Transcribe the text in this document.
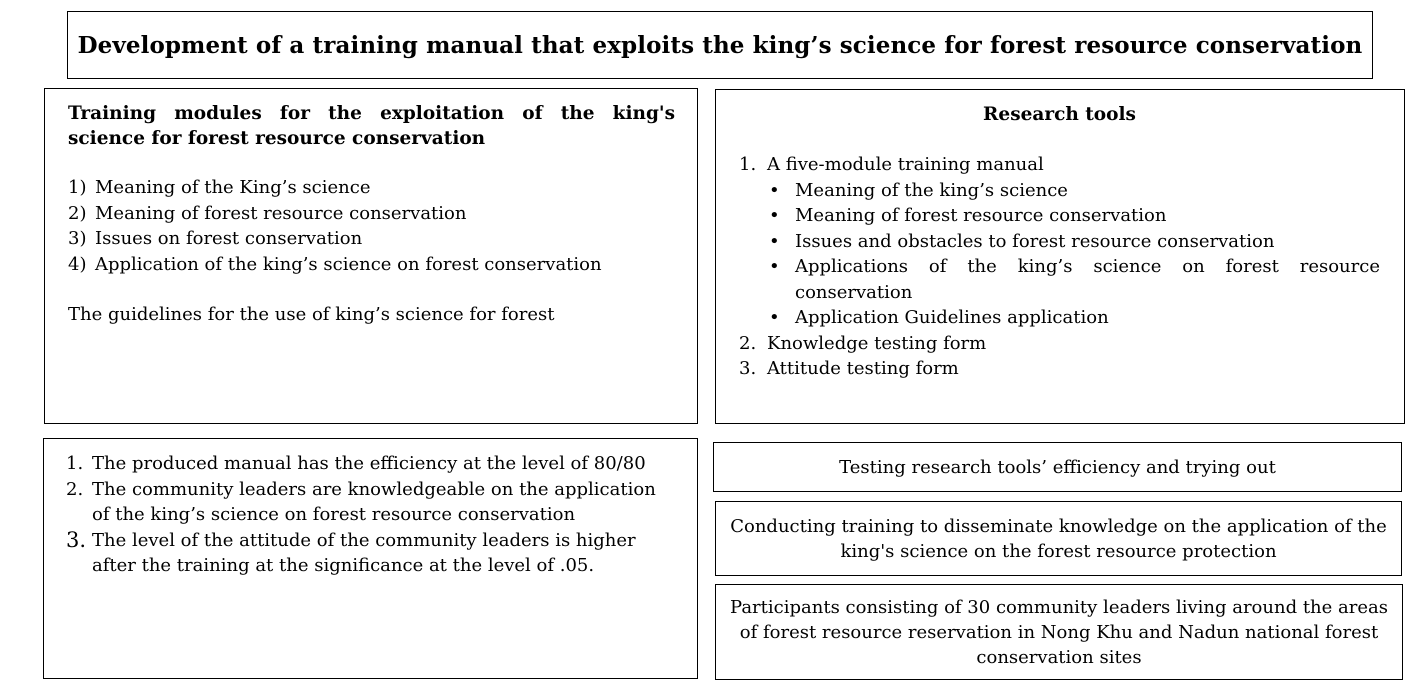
Development of a training manual that exploits the king’s science for forest resource conservation

Training modules for the exploitation of the king's science for forest resource conservation

1) Meaning of the King’s science
2) Meaning of forest resource conservation
3) Issues on forest conservation
4) Application of the king’s science on forest conservation

The guidelines for the use of king’s science for forest

Research tools

1. A five-module training manual
• Meaning of the king’s science
• Meaning of forest resource conservation
• Issues and obstacles to forest resource conservation
• Applications of the king’s science on forest resource conservation
• Application Guidelines application
2. Knowledge testing form
3. Attitude testing form
1. The produced manual has the efficiency at the level of 80/80
2. The community leaders are knowledgeable on the application of the king’s science on forest resource conservation
3. The level of the attitude of the community leaders is higher after the training at the significance at the level of .05.
Testing research tools’ efficiency and trying out
Conducting training to disseminate knowledge on the application of the king's science on the forest resource protection
Participants consisting of 30 community leaders living around the areas of forest resource reservation in Nong Khu and Nadun national forest conservation sites
